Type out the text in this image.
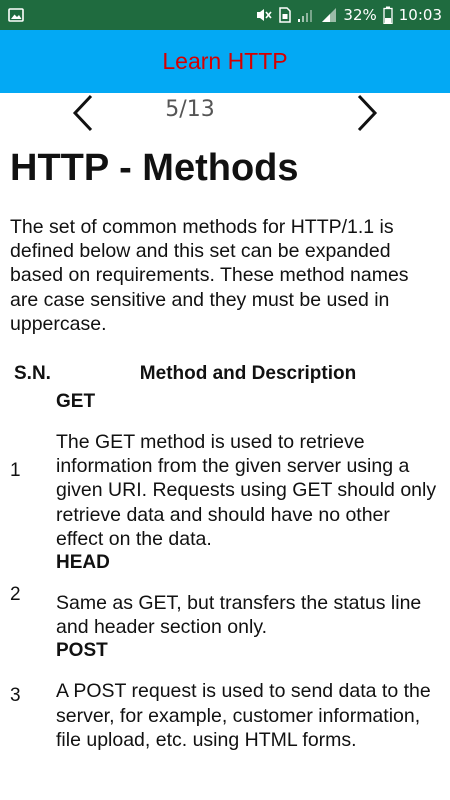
32% 10:03
Learn HTTP
5/13
HTTP - Methods

The set of common methods for HTTP/1.1 is defined below and this set can be expanded based on requirements. These method names are case sensitive and they must be used in uppercase.

S.N.	Method and Description
1	GET
The GET method is used to retrieve information from the given server using a given URI. Requests using GET should only retrieve data and should have no other effect on the data.

2	HEAD
Same as GET, but transfers the status line and header section only.

3	POST
A POST request is used to send data to the server, for example, customer information, file upload, etc. using HTML forms.
